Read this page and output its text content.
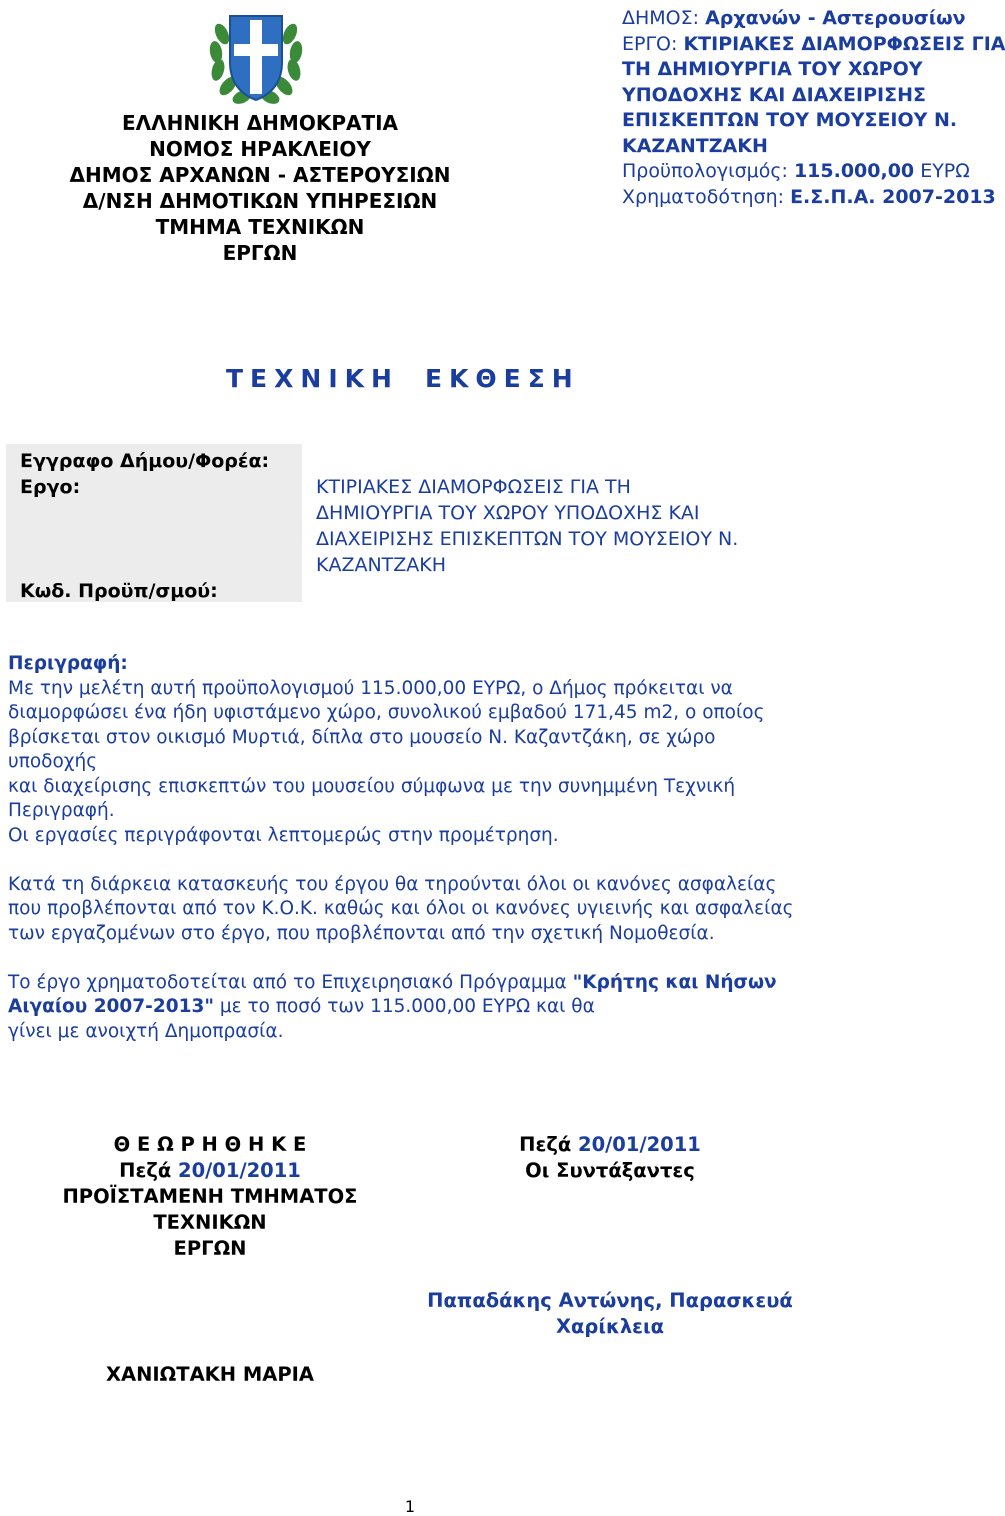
ΕΛΛΗΝΙΚΗ ΔΗΜΟΚΡΑΤΙΑ
ΝΟΜΟΣ ΗΡΑΚΛΕΙΟΥ
ΔΗΜΟΣ ΑΡΧΑΝΩΝ - ΑΣΤΕΡΟΥΣΙΩΝ
Δ/ΝΣΗ ΔΗΜΟΤΙΚΩΝ ΥΠΗΡΕΣΙΩΝ
ΤΜΗΜΑ ΤΕΧΝΙΚΩΝ
ΕΡΓΩΝ
ΔΗΜΟΣ: Αρχανών - Αστερουσίων
ΕΡΓΟ: ΚΤΙΡΙΑΚΕΣ ΔΙΑΜΟΡΦΩΣΕΙΣ ΓΙΑ
ΤΗ ΔΗΜΙΟΥΡΓΙΑ ΤΟΥ ΧΩΡΟΥ
ΥΠΟΔΟΧΗΣ ΚΑΙ ΔΙΑΧΕΙΡΙΣΗΣ
ΕΠΙΣΚΕΠΤΩΝ ΤΟΥ ΜΟΥΣΕΙΟΥ Ν.
ΚΑΖΑΝΤΖΑΚΗ
Προϋπολογισμός: 115.000,00 ΕΥΡΩ
Χρηματοδότηση: Ε.Σ.Π.Α. 2007-2013
ΤΕΧΝΙΚΗ ΕΚΘΕΣΗ
Εγγραφο Δήμου/Φορέα:
Εργο:
Κωδ. Προϋπ/σμού:
ΚΤΙΡΙΑΚΕΣ ΔΙΑΜΟΡΦΩΣΕΙΣ ΓΙΑ ΤΗ
ΔΗΜΙΟΥΡΓΙΑ ΤΟΥ ΧΩΡΟΥ ΥΠΟΔΟΧΗΣ ΚΑΙ
ΔΙΑΧΕΙΡΙΣΗΣ ΕΠΙΣΚΕΠΤΩΝ ΤΟΥ ΜΟΥΣΕΙΟΥ Ν.
ΚΑΖΑΝΤΖΑΚΗ

Περιγραφή:

Με την μελέτη αυτή προϋπολογισμού 115.000,00 ΕΥΡΩ, ο Δήμος πρόκειται να

διαμορφώσει ένα ήδη υφιστάμενο χώρο, συνολικού εμβαδού 171,45 m2, ο οποίος

βρίσκεται στον οικισμό Μυρτιά, δίπλα στο μουσείο Ν. Καζαντζάκη, σε χώρο

υποδοχής

και διαχείρισης επισκεπτών του μουσείου σύμφωνα με την συνημμένη Τεχνική

Περιγραφή.

Οι εργασίες περιγράφονται λεπτομερώς στην προμέτρηση.

Κατά τη διάρκεια κατασκευής του έργου θα τηρούνται όλοι οι κανόνες ασφαλείας

που προβλέπονται από τον Κ.Ο.Κ. καθώς και όλοι οι κανόνες υγιεινής και ασφαλείας

των εργαζομένων στο έργο, που προβλέπονται από την σχετική Νομοθεσία.

Το έργο χρηματοδοτείται από το Επιχειρησιακό Πρόγραμμα "Κρήτης και Νήσων

Αιγαίου 2007-2013" με το ποσό των 115.000,00 ΕΥΡΩ και θα

γίνει με ανοιχτή Δημοπρασία.

Θ Ε Ω Ρ Η Θ Η Κ Ε
Πεζά 20/01/2011
ΠΡΟΪΣΤΑΜΕΝΗ ΤΜΗΜΑΤΟΣ
ΤΕΧΝΙΚΩΝ
ΕΡΓΩΝ
ΧΑΝΙΩΤΑΚΗ ΜΑΡΙΑ
Πεζά 20/01/2011
Οι Συντάξαντες
Παπαδάκης Αντώνης, Παρασκευά
Χαρίκλεια
1
